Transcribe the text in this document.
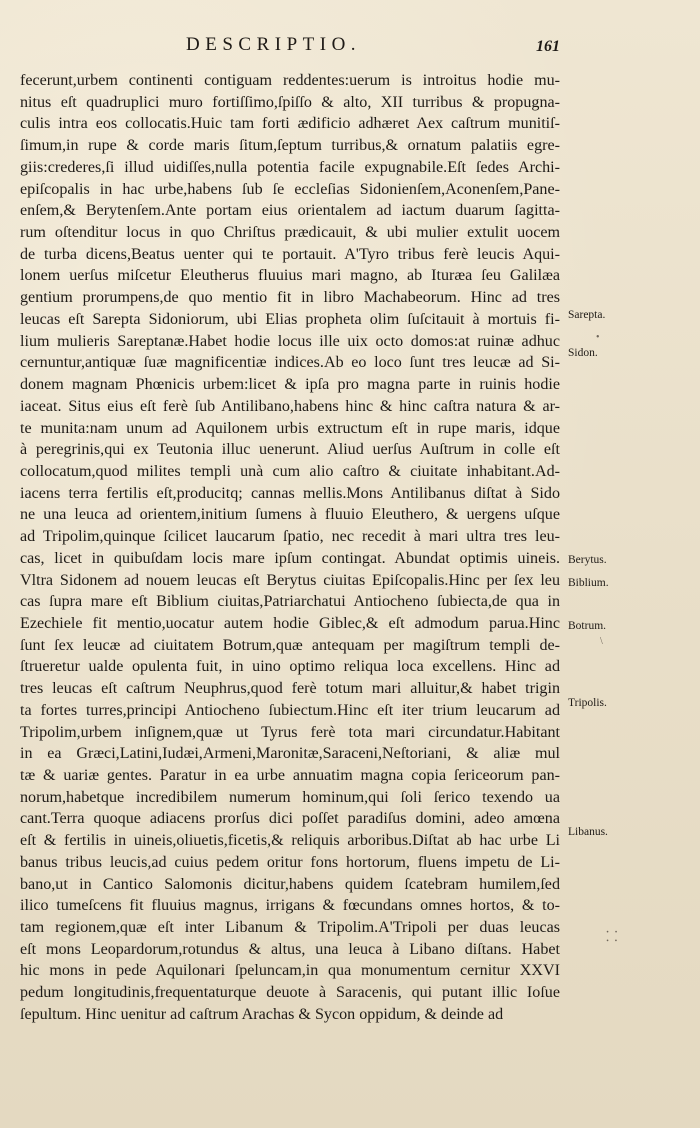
DESCRIPTIO.	161
fecerunt,urbem continenti contiguam reddentes:uerum is introitus hodie mu-
nitus eſt quadruplici muro fortiſſimo,ſpiſſo & alto, XII turribus & propugna-
culis intra eos collocatis.Huic tam forti ædificio adhæret Aex caſtrum munitiſ-
ſimum,in rupe & corde maris ſitum,ſeptum turribus,& ornatum palatiis egre-
giis:crederes,ſi illud uidiſſes,nulla potentia facile expugnabile.Eſt ſedes Archi-
epiſcopalis in hac urbe,habens ſub ſe eccleſias Sidonienſem,Aconenſem,Pane-
enſem,& Berytenſem.Ante portam eius orientalem ad iactum duarum ſagitta-
rum oſtenditur locus in quo Chriſtus prædicauit, & ubi mulier extulit uocem
de turba dicens,Beatus uenter qui te portauit. A'Tyro tribus ferè leucis Aqui-
lonem uerſus miſcetur Eleutherus fluuius mari magno, ab Ituræa ſeu Galilæa
gentium prorumpens,de quo mentio fit in libro Machabeorum. Hinc ad tres
leucas eſt Sarepta Sidoniorum, ubi Elias propheta olim ſuſcitauit à mortuis fi-
lium mulieris Sareptanæ.Habet hodie locus ille uix octo domos:at ruinæ adhuc
cernuntur,antiquæ ſuæ magnificentiæ indices.Ab eo loco ſunt tres leucæ ad Si-
donem magnam Phœnicis urbem:licet & ipſa pro magna parte in ruinis hodie
iaceat. Situs eius eſt ferè ſub Antilibano,habens hinc & hinc caſtra natura & ar-
te munita:nam unum ad Aquilonem urbis extructum eſt in rupe maris, idque
à peregrinis,qui ex Teutonia illuc uenerunt. Aliud uerſus Auſtrum in colle eſt
collocatum,quod milites templi unà cum alio caſtro & ciuitate inhabitant.Ad-
iacens terra fertilis eſt,producitq; cannas mellis.Mons Antilibanus diſtat à Sido
ne una leuca ad orientem,initium ſumens à fluuio Eleuthero, & uergens uſque
ad Tripolim,quinque ſcilicet laucarum ſpatio, nec recedit à mari ultra tres leu-
cas, licet in quibuſdam locis mare ipſum contingat. Abundat optimis uineis.
Vltra Sidonem ad nouem leucas eſt Berytus ciuitas Epiſcopalis.Hinc per ſex leu
cas ſupra mare eſt Biblium ciuitas,Patriarchatui Antiocheno ſubiecta,de qua in
Ezechiele fit mentio,uocatur autem hodie Giblec,& eſt admodum parua.Hinc
ſunt ſex leucæ ad ciuitatem Botrum,quæ antequam per magiſtrum templi de-
ſtrueretur ualde opulenta fuit, in uino optimo reliqua loca excellens. Hinc ad
tres leucas eſt caſtrum Neuphrus,quod ferè totum mari alluitur,& habet trigin
ta fortes turres,principi Antiocheno ſubiectum.Hinc eſt iter trium leucarum ad
Tripolim,urbem inſignem,quæ ut Tyrus ferè tota mari circundatur.Habitant
in ea Græci,Latini,Iudæi,Armeni,Maronitæ,Saraceni,Neſtoriani, & aliæ mul
tæ & uariæ gentes. Paratur in ea urbe annuatim magna copia ſericeorum pan-
norum,habetque incredibilem numerum hominum,qui ſoli ſerico texendo ua
cant.Terra quoque adiacens prorſus dici poſſet paradiſus domini, adeo amœna
eſt & fertilis in uineis,oliuetis,ficetis,& reliquis arboribus.Diſtat ab hac urbe Li
banus tribus leucis,ad cuius pedem oritur fons hortorum, fluens impetu de Li-
bano,ut in Cantico Salomonis dicitur,habens quidem ſcatebram humilem,ſed
ilico tumeſcens fit fluuius magnus, irrigans & fœcundans omnes hortos, & to-
tam regionem,quæ eſt inter Libanum & Tripolim.A'Tripoli per duas leucas
eſt mons Leopardorum,rotundus & altus, una leuca à Libano diſtans. Habet
hic mons in pede Aquilonari ſpeluncam,in qua monumentum cernitur XXVI
pedum longitudinis,frequentaturque deuote à Saracenis, qui putant illic Ioſue
ſepultum. Hinc uenitur ad caſtrum Arachas & Sycon oppidum, & deinde ad
Sarepta.
•
Sidon.
Berytus.
Biblium.
Botrum.
\
Tripolis.
Libanus.
⸬
